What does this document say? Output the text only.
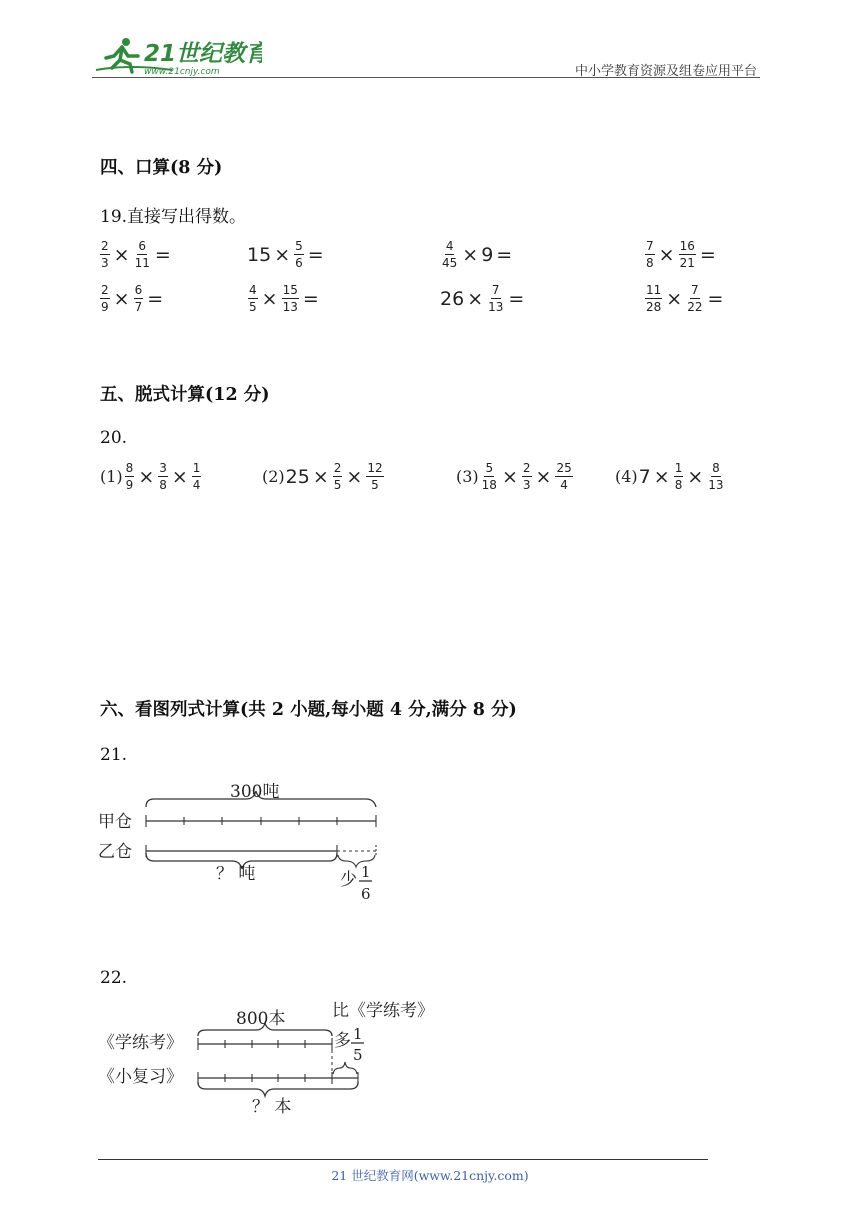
21世纪教育
www.21cnjy.com	中小学教育资源及组卷应用平台
四、口算(8 分)
19.直接写出得数。
$\frac{2}{3} \times \frac{6}{11}$ =	$15 \times \frac{5}{6}$ =	$\frac{4}{45} \times 9$ =	$\frac{7}{8} \times \frac{16}{21}$ =
$\frac{2}{9} \times \frac{6}{7}$ =	$\frac{4}{5} \times \frac{15}{13}$ =	$26 \times \frac{7}{13}$ =	$\frac{11}{28} \times \frac{7}{22}$ =
五、脱式计算(12 分)
20.
$(1) \frac{8}{9} \times \frac{3}{8} \times \frac{1}{4}$	(2) $25 \times \frac{2}{5} \times \frac{12}{5}$	$(3) \frac{5}{18} \times \frac{2}{3} \times \frac{25}{4}$	(4) $7 \times \frac{1}{8} \times \frac{8}{13}$
六、看图列式计算(共 2 小题,每小题 4 分,满分 8 分)
21.
300吨
甲仓
乙仓
？ 吨	少 1
6
22.
800本	比《学练考》
多 1
5
《学练考》
《小复习》
？ 本
21 世纪教育网(www.21cnjy.com)
